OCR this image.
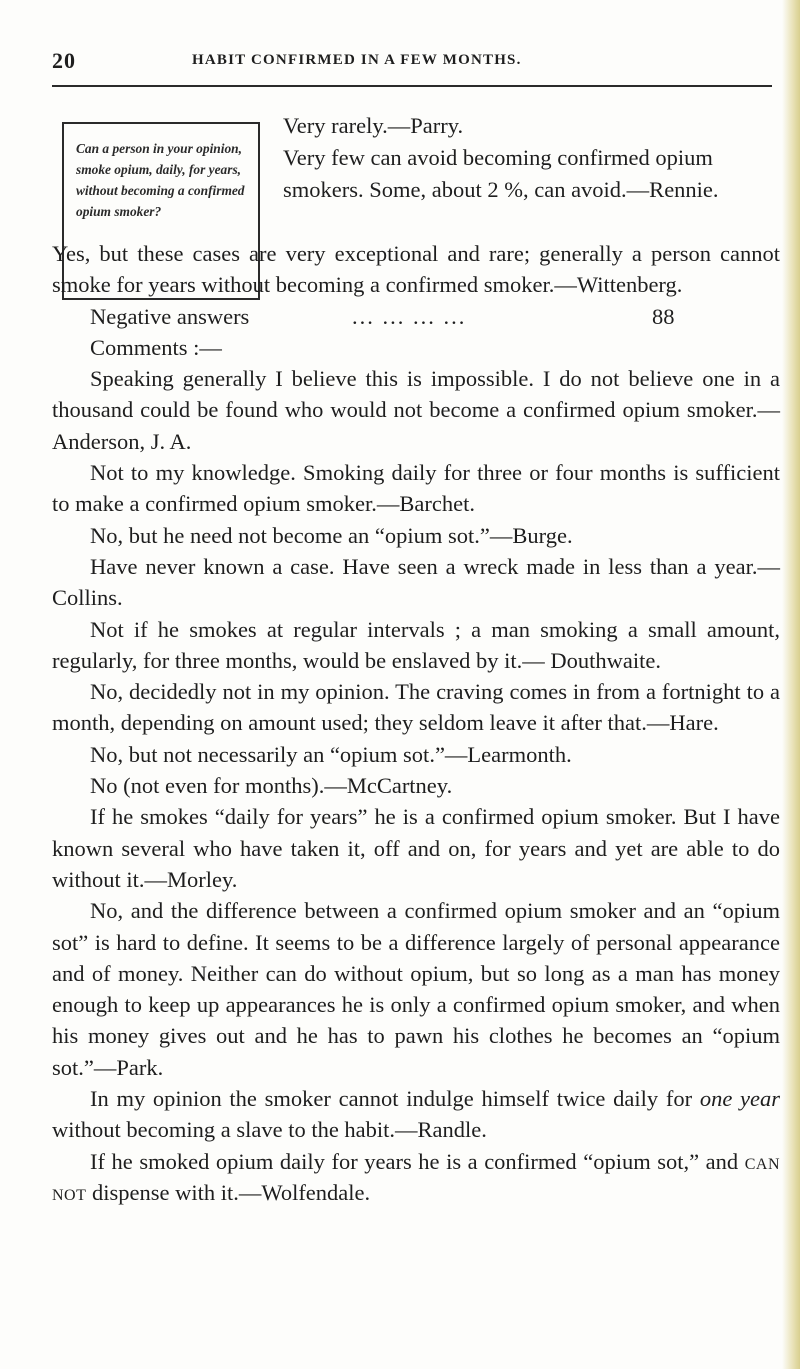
20	HABIT CONFIRMED IN A FEW MONTHS.
Can a person in your opinion, smoke opium, daily, for years, without becoming a confirmed opium smoker?

Very rarely.—Parry.

Very few can avoid becoming confirmed opium smokers. Some, about 2 %, can avoid.—Rennie.

Yes, but these cases are very exceptional and rare; generally a person cannot smoke for years without becoming a confirmed smoker.—Wittenberg.

Negative answers	... ... ... ...	88

Comments :—

Speaking generally I believe this is impossible. I do not believe one in a thousand could be found who would not become a confirmed opium smoker.—Anderson, J. A.

Not to my knowledge. Smoking daily for three or four months is sufficient to make a confirmed opium smoker.—Barchet.

No, but he need not become an “opium sot.”—Burge.

Have never known a case. Have seen a wreck made in less than a year.—Collins.

Not if he smokes at regular intervals ; a man smoking a small amount, regularly, for three months, would be enslaved by it.— Douthwaite.

No, decidedly not in my opinion. The craving comes in from a fortnight to a month, depending on amount used; they seldom leave it after that.—Hare.

No, but not necessarily an “opium sot.”—Learmonth.

No (not even for months).—McCartney.

If he smokes “daily for years” he is a confirmed opium smoker. But I have known several who have taken it, off and on, for years and yet are able to do without it.—Morley.

No, and the difference between a confirmed opium smoker and an “opium sot” is hard to define. It seems to be a difference largely of personal appearance and of money. Neither can do without opium, but so long as a man has money enough to keep up appearances he is only a confirmed opium smoker, and when his money gives out and he has to pawn his clothes he becomes an “opium sot.”—Park.

In my opinion the smoker cannot indulge himself twice daily for one year without becoming a slave to the habit.—Randle.

If he smoked opium daily for years he is a confirmed “opium sot,” and can not dispense with it.—Wolfendale.
